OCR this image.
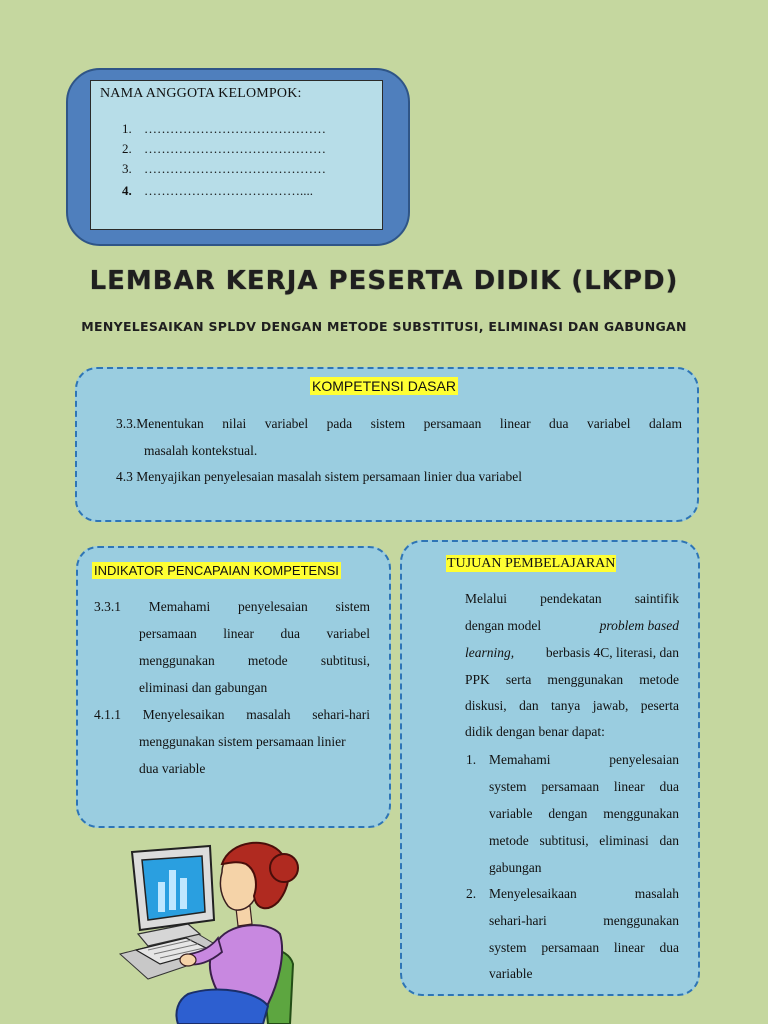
NAMA ANGGOTA KELOMPOK:
1. ……………………………………
2. ……………………………………
3. ……………………………………
4. ………………………………....
LEMBAR KERJA PESERTA DIDIK (LKPD)
MENYELESAIKAN SPLDV DENGAN METODE SUBSTITUSI, ELIMINASI DAN GABUNGAN
KOMPETENSI DASAR
3.3.Menentukan nilai variabel pada sistem persamaan linear dua variabel dalam
masalah kontekstual.
4.3 Menyajikan penyelesaian masalah sistem persamaan linier dua variabel
INDIKATOR PENCAPAIAN KOMPETENSI
3.3.1 Memahami penyelesaian sistem
persamaan linear dua variabel
menggunakan metode subtitusi,
eliminasi dan gabungan
4.1.1 Menyelesaikan masalah sehari-hari
menggunakan sistem persamaan linier
dua variable
TUJUAN PEMBELAJARAN
Melalui pendekatan saintifik
dengan model	problem based
learning, berbasis 4C, literasi, dan
PPK serta menggunakan metode
diskusi, dan tanya jawab, peserta
didik dengan benar dapat:
1. Memahami penyelesaian
system persamaan linear dua
variable dengan menggunakan
metode subtitusi, eliminasi dan
gabungan
2. Menyelesaikaan masalah
sehari-hari menggunakan
system persamaan linear dua
variable
